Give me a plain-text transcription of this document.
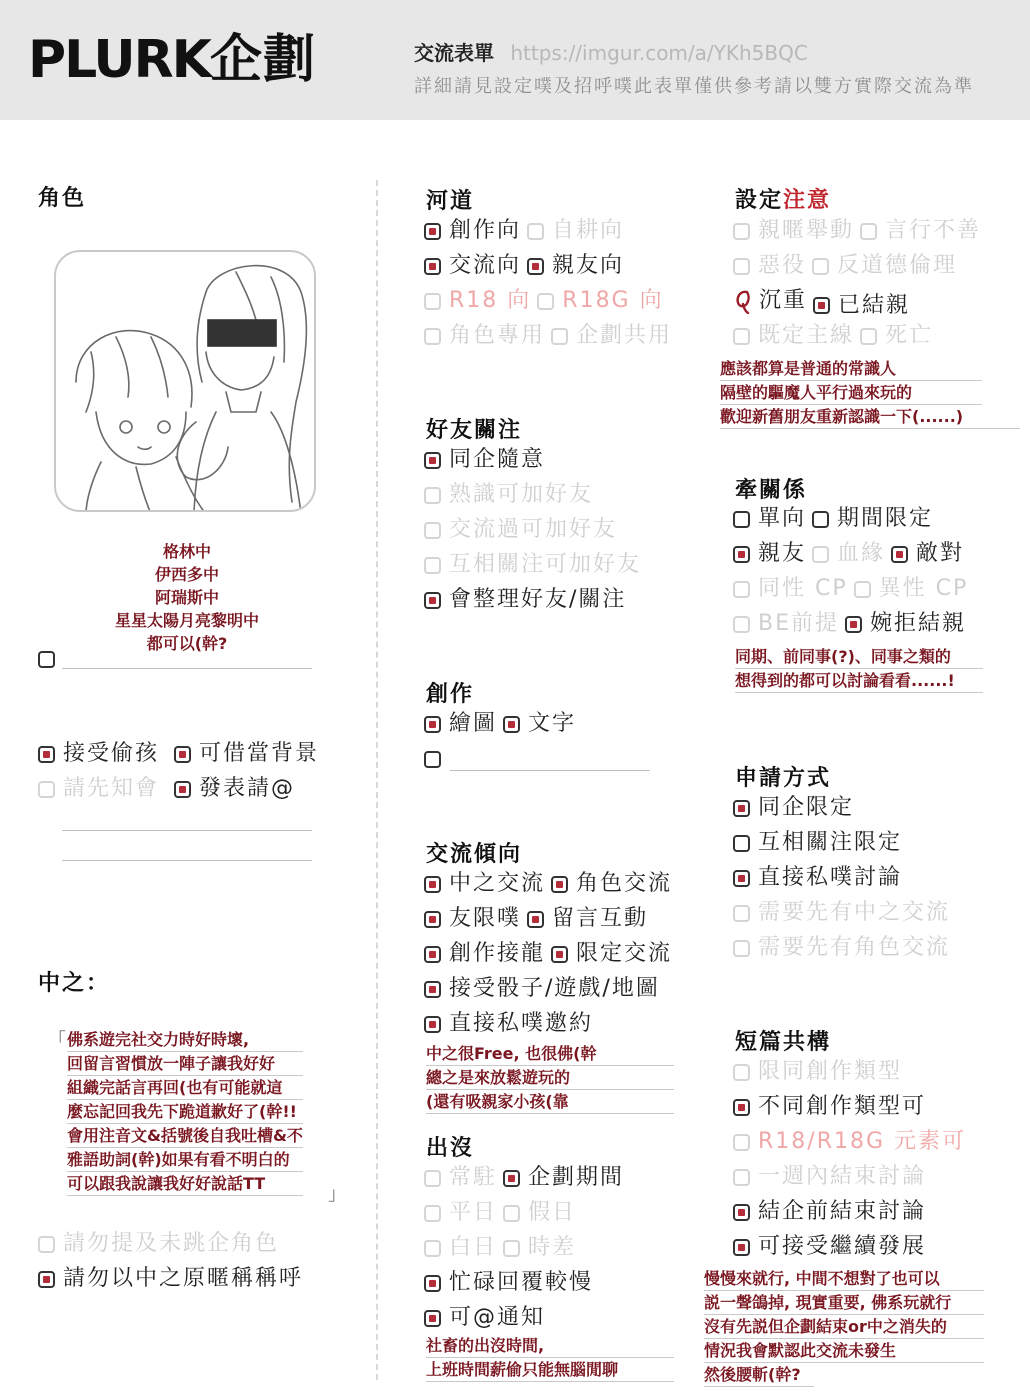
PLURK企劃	交流表單 https://imgur.com/a/YKh5BQC
詳細請見設定噗及招呼噗此表單僅供參考請以雙方實際交流為準
角色
格林中
伊西多中
阿瑞斯中
星星太陽月亮黎明中
都可以(幹?
接受偷孩
可借當背景
請先知會
發表請@
中之：
「 佛系遊完社交力時好時壞,
回留言習慣放一陣子讓我好好
組織完話言再回(也有可能就這
麼忘記回我先下跪道歉好了(幹!!
會用注音文&括號後自我吐槽&不
雅語助詞(幹)如果有看不明白的
可以跟我說讓我好好說話TT
」
請勿提及未跳企角色
請勿以中之原暱稱稱呼
河道
創作向 自耕向
交流向 親友向
R18 向 R18G 向
角色專用 企劃共用
好友關注
同企隨意
熟識可加好友
交流過可加好友
互相關注可加好友
會整理好友/關注
創作
繪圖 文字
交流傾向
中之交流 角色交流
友限噗 留言互動
創作接龍 限定交流
接受骰子/遊戲/地圖
直接私噗邀約
中之很Free, 也很佛(幹
總之是來放鬆遊玩的
(還有吸親家小孩(靠
出沒
常駐 企劃期間
平日 假日
白日 時差
忙碌回覆較慢
可@通知
社畜的出沒時間,
上班時間薪偷只能無腦閒聊
設定注意
親暱舉動 言行不善
惡役 反道德倫理
沉重 已結親
既定主線 死亡
應該都算是普通的常識人
隔壁的驅魔人平行過來玩的
歡迎新舊朋友重新認識一下(......)
牽關係
單向 期間限定
親友 血緣 敵對
同性 CP 異性 CP
BE前提 婉拒結親
同期、前同事(?)、同事之類的
想得到的都可以討論看看......!
申請方式
同企限定
互相關注限定
直接私噗討論
需要先有中之交流
需要先有角色交流
短篇共構
限同創作類型
不同創作類型可
R18/R18G 元素可
一週內結束討論
結企前結束討論
可接受繼續發展
慢慢來就行, 中間不想對了也可以
説一聲鴿掉, 現實重要, 佛系玩就行
沒有先説但企劃結束or中之消失的
情況我會默認此交流未發生
然後腰斬(幹?
